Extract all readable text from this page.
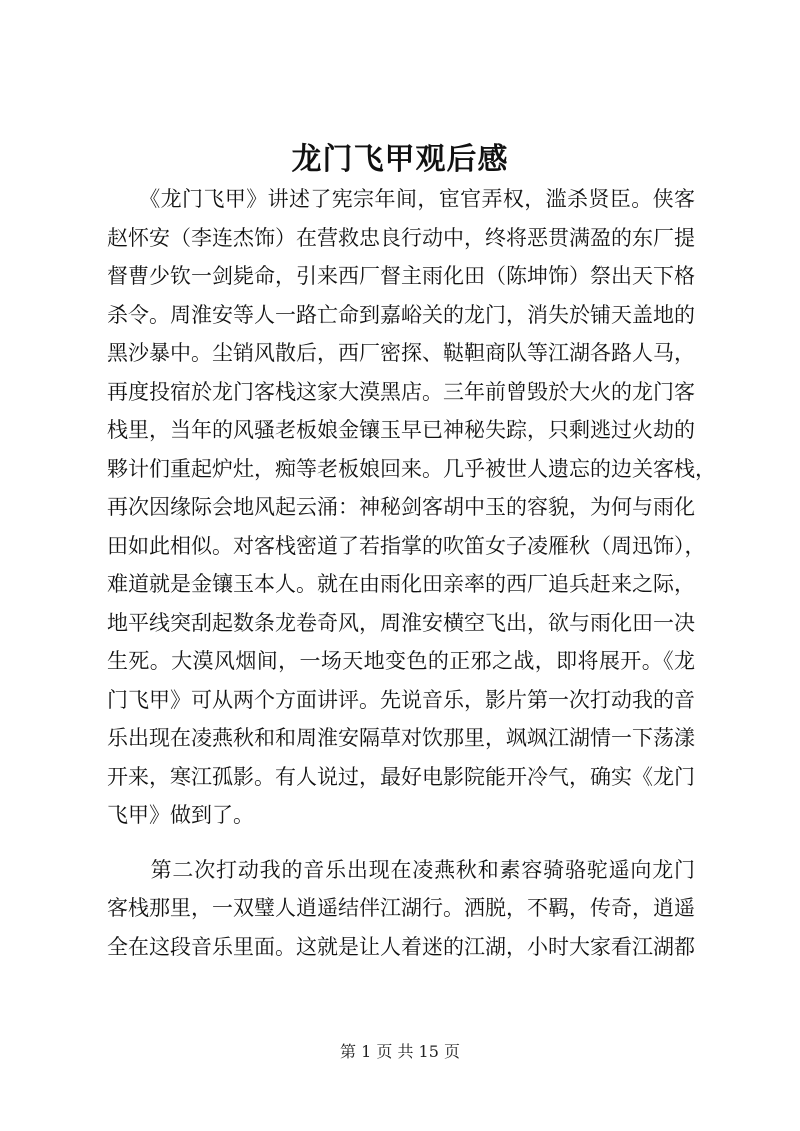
龙门飞甲观后感
　　《龙门飞甲》讲述了宪宗年间，宦官弄权，滥杀贤臣。侠客
赵怀安（李连杰饰）在营救忠良行动中，终将恶贯满盈的东厂提
督曹少钦一剑毙命，引来西厂督主雨化田（陈坤饰）祭出天下格
杀令。周淮安等人一路亡命到嘉峪关的龙门，消失於铺天盖地的
黑沙暴中。尘销风散后，西厂密探、鞑靼商队等江湖各路人马，
再度投宿於龙门客栈这家大漠黑店。三年前曾毁於大火的龙门客
栈里，当年的风骚老板娘金镶玉早已神秘失踪，只剩逃过火劫的
夥计们重起炉灶，痴等老板娘回来。几乎被世人遗忘的边关客栈，
再次因缘际会地风起云涌：神秘剑客胡中玉的容貌，为何与雨化
田如此相似。对客栈密道了若指掌的吹笛女子凌雁秋（周迅饰），
难道就是金镶玉本人。就在由雨化田亲率的西厂追兵赶来之际，
地平线突刮起数条龙卷奇风，周淮安横空飞出，欲与雨化田一决
生死。大漠风烟间，一场天地变色的正邪之战，即将展开。《龙
门飞甲》可从两个方面讲评。先说音乐，影片第一次打动我的音
乐出现在凌燕秋和和周淮安隔草对饮那里，飒飒江湖情一下荡漾
开来，寒江孤影。有人说过，最好电影院能开冷气，确实《龙门
飞甲》做到了。
　　第二次打动我的音乐出现在凌燕秋和素容骑骆驼遥向龙门
客栈那里，一双璧人逍遥结伴江湖行。洒脱，不羁，传奇，逍遥
全在这段音乐里面。这就是让人着迷的江湖，小时大家看江湖都
第 1 页 共 15 页
